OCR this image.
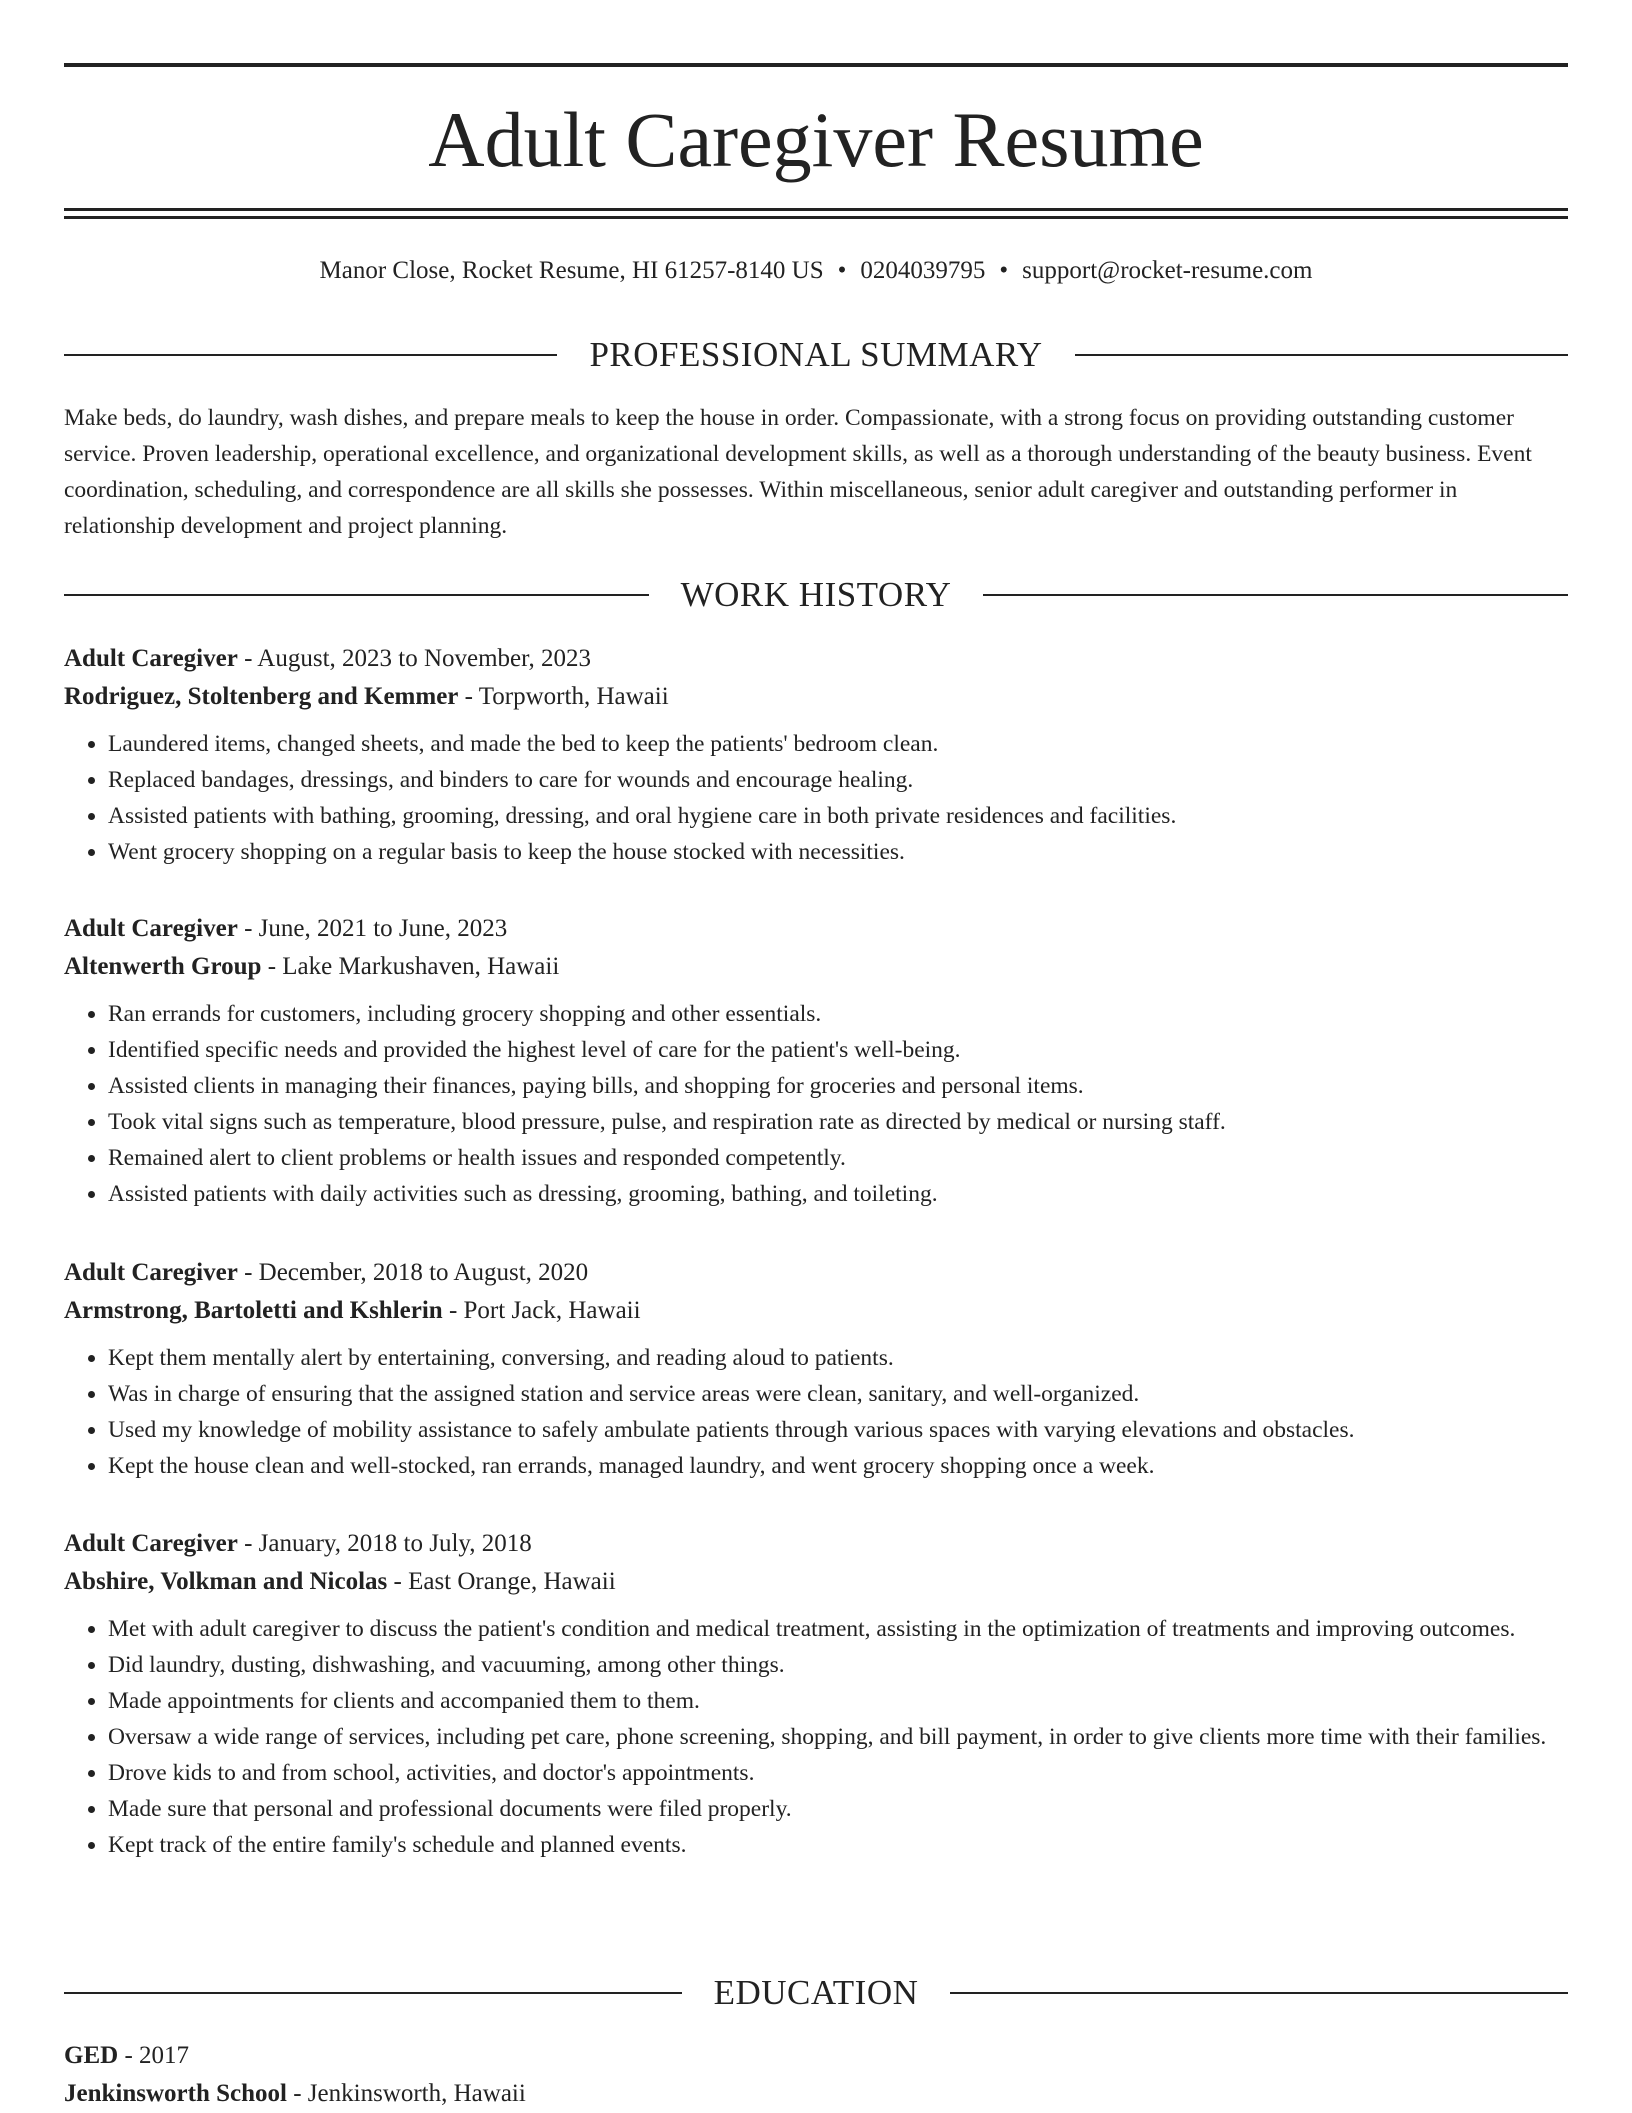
Adult Caregiver Resume
Manor Close, Rocket Resume, HI 61257-8140 US • 0204039795 • support@rocket-resume.com
PROFESSIONAL SUMMARY

Make beds, do laundry, wash dishes, and prepare meals to keep the house in order. Compassionate, with a strong focus on providing outstanding customer service. Proven leadership, operational excellence, and organizational development skills, as well as a thorough understanding of the beauty business. Event coordination, scheduling, and correspondence are all skills she possesses. Within miscellaneous, senior adult caregiver and outstanding performer in relationship development and project planning.

WORK HISTORY
Adult Caregiver - August, 2023 to November, 2023
Rodriguez, Stoltenberg and Kemmer - Torpworth, Hawaii
• Laundered items, changed sheets, and made the bed to keep the patients' bedroom clean.
• Replaced bandages, dressings, and binders to care for wounds and encourage healing.
• Assisted patients with bathing, grooming, dressing, and oral hygiene care in both private residences and facilities.
• Went grocery shopping on a regular basis to keep the house stocked with necessities.
Adult Caregiver - June, 2021 to June, 2023
Altenwerth Group - Lake Markushaven, Hawaii
• Ran errands for customers, including grocery shopping and other essentials.
• Identified specific needs and provided the highest level of care for the patient's well-being.
• Assisted clients in managing their finances, paying bills, and shopping for groceries and personal items.
• Took vital signs such as temperature, blood pressure, pulse, and respiration rate as directed by medical or nursing staff.
• Remained alert to client problems or health issues and responded competently.
• Assisted patients with daily activities such as dressing, grooming, bathing, and toileting.
Adult Caregiver - December, 2018 to August, 2020
Armstrong, Bartoletti and Kshlerin - Port Jack, Hawaii
• Kept them mentally alert by entertaining, conversing, and reading aloud to patients.
• Was in charge of ensuring that the assigned station and service areas were clean, sanitary, and well-organized.
• Used my knowledge of mobility assistance to safely ambulate patients through various spaces with varying elevations and obstacles.
• Kept the house clean and well-stocked, ran errands, managed laundry, and went grocery shopping once a week.
Adult Caregiver - January, 2018 to July, 2018
Abshire, Volkman and Nicolas - East Orange, Hawaii
• Met with adult caregiver to discuss the patient's condition and medical treatment, assisting in the optimization of treatments and improving outcomes.
• Did laundry, dusting, dishwashing, and vacuuming, among other things.
• Made appointments for clients and accompanied them to them.
• Oversaw a wide range of services, including pet care, phone screening, shopping, and bill payment, in order to give clients more time with their families.
• Drove kids to and from school, activities, and doctor's appointments.
• Made sure that personal and professional documents were filed properly.
• Kept track of the entire family's schedule and planned events.
EDUCATION
GED - 2017
Jenkinsworth School - Jenkinsworth, Hawaii
